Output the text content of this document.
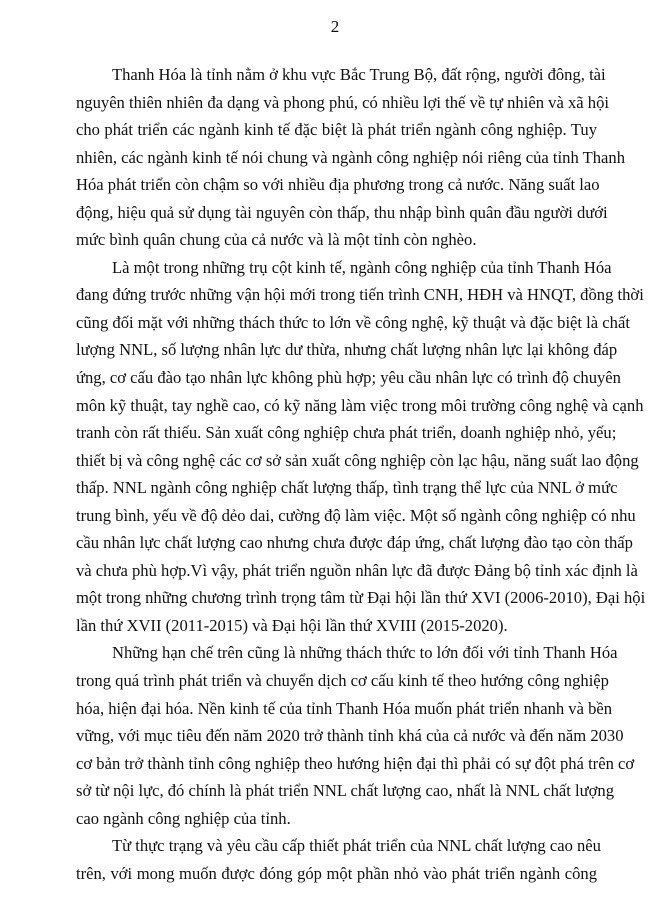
2
Thanh Hóa là tỉnh nằm ở khu vực Bắc Trung Bộ, đất rộng, người đông, tài
nguyên thiên nhiên đa dạng và phong phú, có nhiều lợi thế về tự nhiên và xã hội
cho phát triển các ngành kinh tế đặc biệt là phát triển ngành công nghiệp. Tuy
nhiên, các ngành kinh tế nói chung và ngành công nghiệp nói riêng của tỉnh Thanh
Hóa phát triển còn chậm so với nhiều địa phương trong cả nước. Năng suất lao
động, hiệu quả sử dụng tài nguyên còn thấp, thu nhập bình quân đầu người dưới
mức bình quân chung của cả nước và là một tỉnh còn nghèo.
Là một trong những trụ cột kinh tế, ngành công nghiệp của tỉnh Thanh Hóa
đang đứng trước những vận hội mới trong tiến trình CNH, HĐH và HNQT, đồng thời
cũng đối mặt với những thách thức to lớn về công nghệ, kỹ thuật và đặc biệt là chất
lượng NNL, số lượng nhân lực dư thừa, nhưng chất lượng nhân lực lại không đáp
ứng, cơ cấu đào tạo nhân lực không phù hợp; yêu cầu nhân lực có trình độ chuyên
môn kỹ thuật, tay nghề cao, có kỹ năng làm việc trong môi trường công nghệ và cạnh
tranh còn rất thiếu. Sản xuất công nghiệp chưa phát triển, doanh nghiệp nhỏ, yếu;
thiết bị và công nghệ các cơ sở sản xuất công nghiệp còn lạc hậu, năng suất lao động
thấp. NNL ngành công nghiệp chất lượng thấp, tình trạng thể lực của NNL ở mức
trung bình, yếu về độ dẻo dai, cường độ làm việc. Một số ngành công nghiệp có nhu
cầu nhân lực chất lượng cao nhưng chưa được đáp ứng, chất lượng đào tạo còn thấp
và chưa phù hợp.Vì vậy, phát triển nguồn nhân lực đã được Đảng bộ tỉnh xác định là
một trong những chương trình trọng tâm từ Đại hội lần thứ XVI (2006-2010), Đại hội
lần thứ XVII (2011-2015) và Đại hội lần thứ XVIII (2015-2020).
Những hạn chế trên cũng là những thách thức to lớn đối với tỉnh Thanh Hóa
trong quá trình phát triển và chuyển dịch cơ cấu kinh tế theo hướng công nghiệp
hóa, hiện đại hóa. Nền kinh tế của tỉnh Thanh Hóa muốn phát triển nhanh và bền
vững, với mục tiêu đến năm 2020 trở thành tỉnh khá của cả nước và đến năm 2030
cơ bản trở thành tỉnh công nghiệp theo hướng hiện đại thì phải có sự đột phá trên cơ
sở từ nội lực, đó chính là phát triển NNL chất lượng cao, nhất là NNL chất lượng
cao ngành công nghiệp của tỉnh.
Từ thực trạng và yêu cầu cấp thiết phát triển của NNL chất lượng cao nêu
trên, với mong muốn được đóng góp một phần nhỏ vào phát triển ngành công
